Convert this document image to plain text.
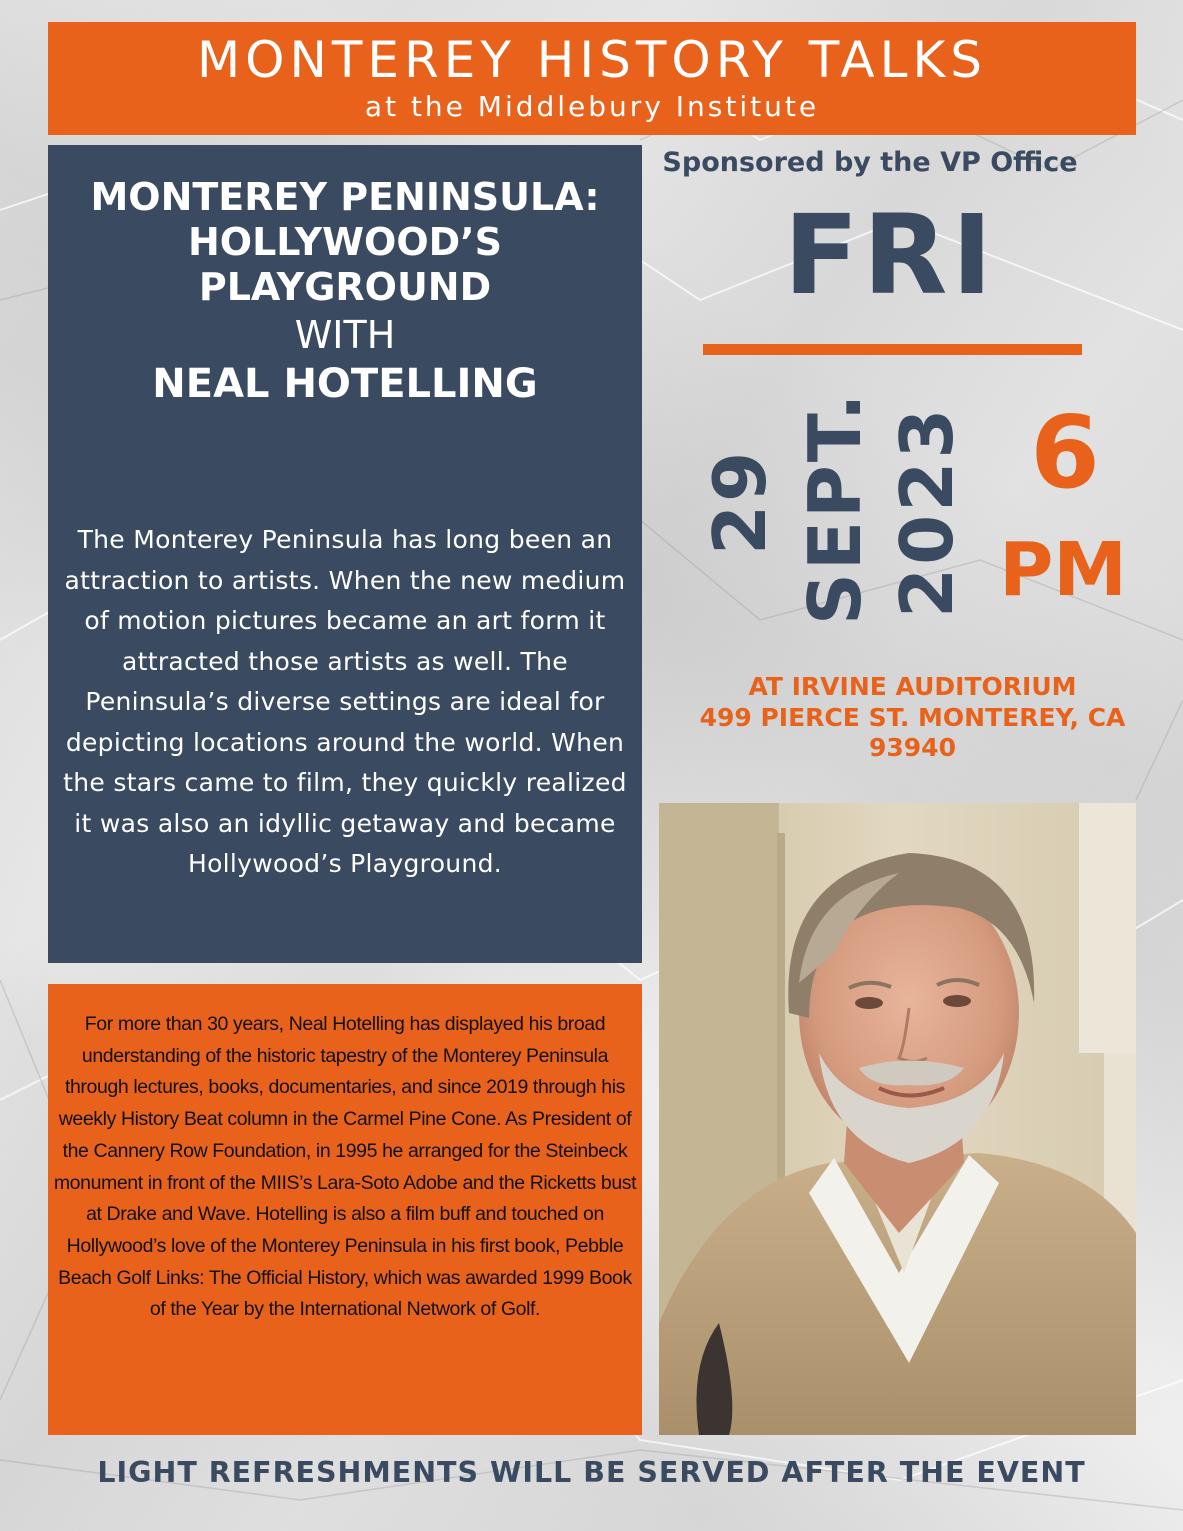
MONTEREY HISTORY TALKS
at the Middlebury Institute
MONTEREY PENINSULA:
HOLLYWOOD’S
PLAYGROUND
WITH
NEAL HOTELLING
The Monterey Peninsula has long been an attraction to artists. When the new medium of motion pictures became an art form it attracted those artists as well. The Peninsula’s diverse settings are ideal for depicting locations around the world. When the stars came to film, they quickly realized it was also an idyllic getaway and became Hollywood’s Playground.
For more than 30 years, Neal Hotelling has displayed his broad understanding of the historic tapestry of the Monterey Peninsula through lectures, books, documentaries, and since 2019 through his weekly History Beat column in the Carmel Pine Cone. As President of the Cannery Row Foundation, in 1995 he arranged for the Steinbeck monument in front of the MIIS’s Lara-Soto Adobe and the Ricketts bust at Drake and Wave. Hotelling is also a film buff and touched on Hollywood’s love of the Monterey Peninsula in his first book, Pebble Beach Golf Links: The Official History, which was awarded 1999 Book of the Year by the International Network of Golf.
Sponsored by the VP Office
FRI
29 SEPT. 2023 6
PM
AT IRVINE AUDITORIUM
499 PIERCE ST. MONTEREY, CA
93940
LIGHT REFRESHMENTS WILL BE SERVED AFTER THE EVENT
